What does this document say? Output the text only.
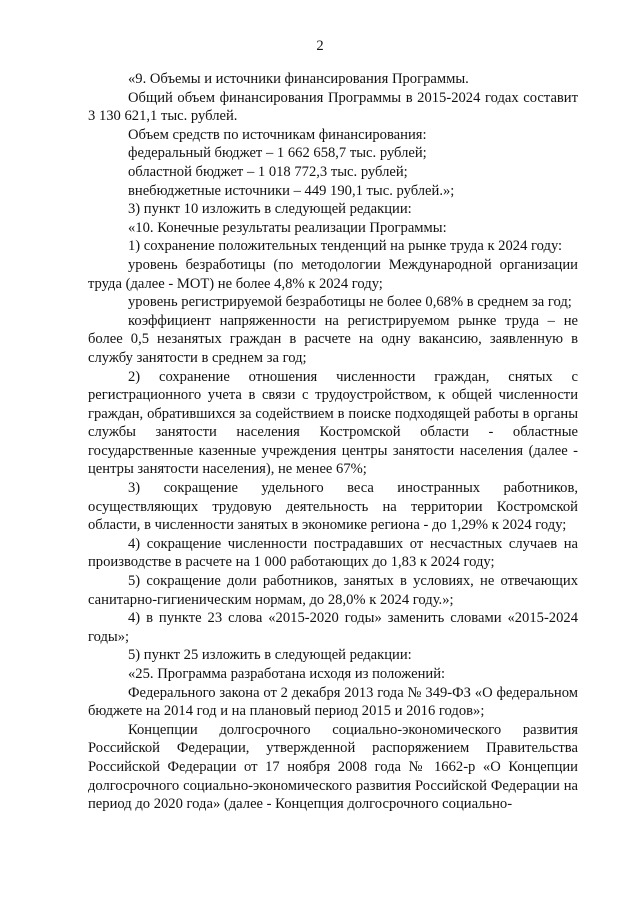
2
«9. Объемы и источники финансирования Программы.
Общий объем финансирования Программы в 2015-2024 годах составит 3 130 621,1 тыс. рублей.
Объем средств по источникам финансирования:
федеральный бюджет – 1 662 658,7 тыс. рублей;
областной бюджет – 1 018 772,3 тыс. рублей;
внебюджетные источники – 449 190,1 тыс. рублей.»;
3) пункт 10 изложить в следующей редакции:
«10. Конечные результаты реализации Программы:
1) сохранение положительных тенденций на рынке труда к 2024 году:
уровень безработицы (по методологии Международной организации труда (далее - МОТ) не более 4,8% к 2024 году;
уровень регистрируемой безработицы не более 0,68% в среднем за год;
коэффициент напряженности на регистрируемом рынке труда – не более 0,5 незанятых граждан в расчете на одну вакансию, заявленную в службу занятости в среднем за год;
2) сохранение отношения численности граждан, снятых с регистрационного учета в связи с трудоустройством, к общей численности граждан, обратившихся за содействием в поиске подходящей работы в органы службы занятости населения Костромской области - областные государственные казенные учреждения центры занятости населения (далее - центры занятости населения), не менее 67%;
3) сокращение удельного веса иностранных работников, осуществляющих трудовую деятельность на территории Костромской области, в численности занятых в экономике региона - до 1,29% к 2024 году;
4) сокращение численности пострадавших от несчастных случаев на производстве в расчете на 1 000 работающих до 1,83 к 2024 году;
5) сокращение доли работников, занятых в условиях, не отвечающих санитарно-гигиеническим нормам, до 28,0% к 2024 году.»;
4) в пункте 23 слова «2015-2020 годы» заменить словами «2015-2024 годы»;
5) пункт 25 изложить в следующей редакции:
«25. Программа разработана исходя из положений:
Федерального закона от 2 декабря 2013 года № 349-ФЗ «О федеральном бюджете на 2014 год и на плановый период 2015 и 2016 годов»;
Концепции долгосрочного социально-экономического развития Российской Федерации, утвержденной распоряжением Правительства Российской Федерации от 17 ноября 2008 года № 1662-р «О Концепции долгосрочного социально-экономического развития Российской Федерации на период до 2020 года» (далее - Концепция долгосрочного социально-
